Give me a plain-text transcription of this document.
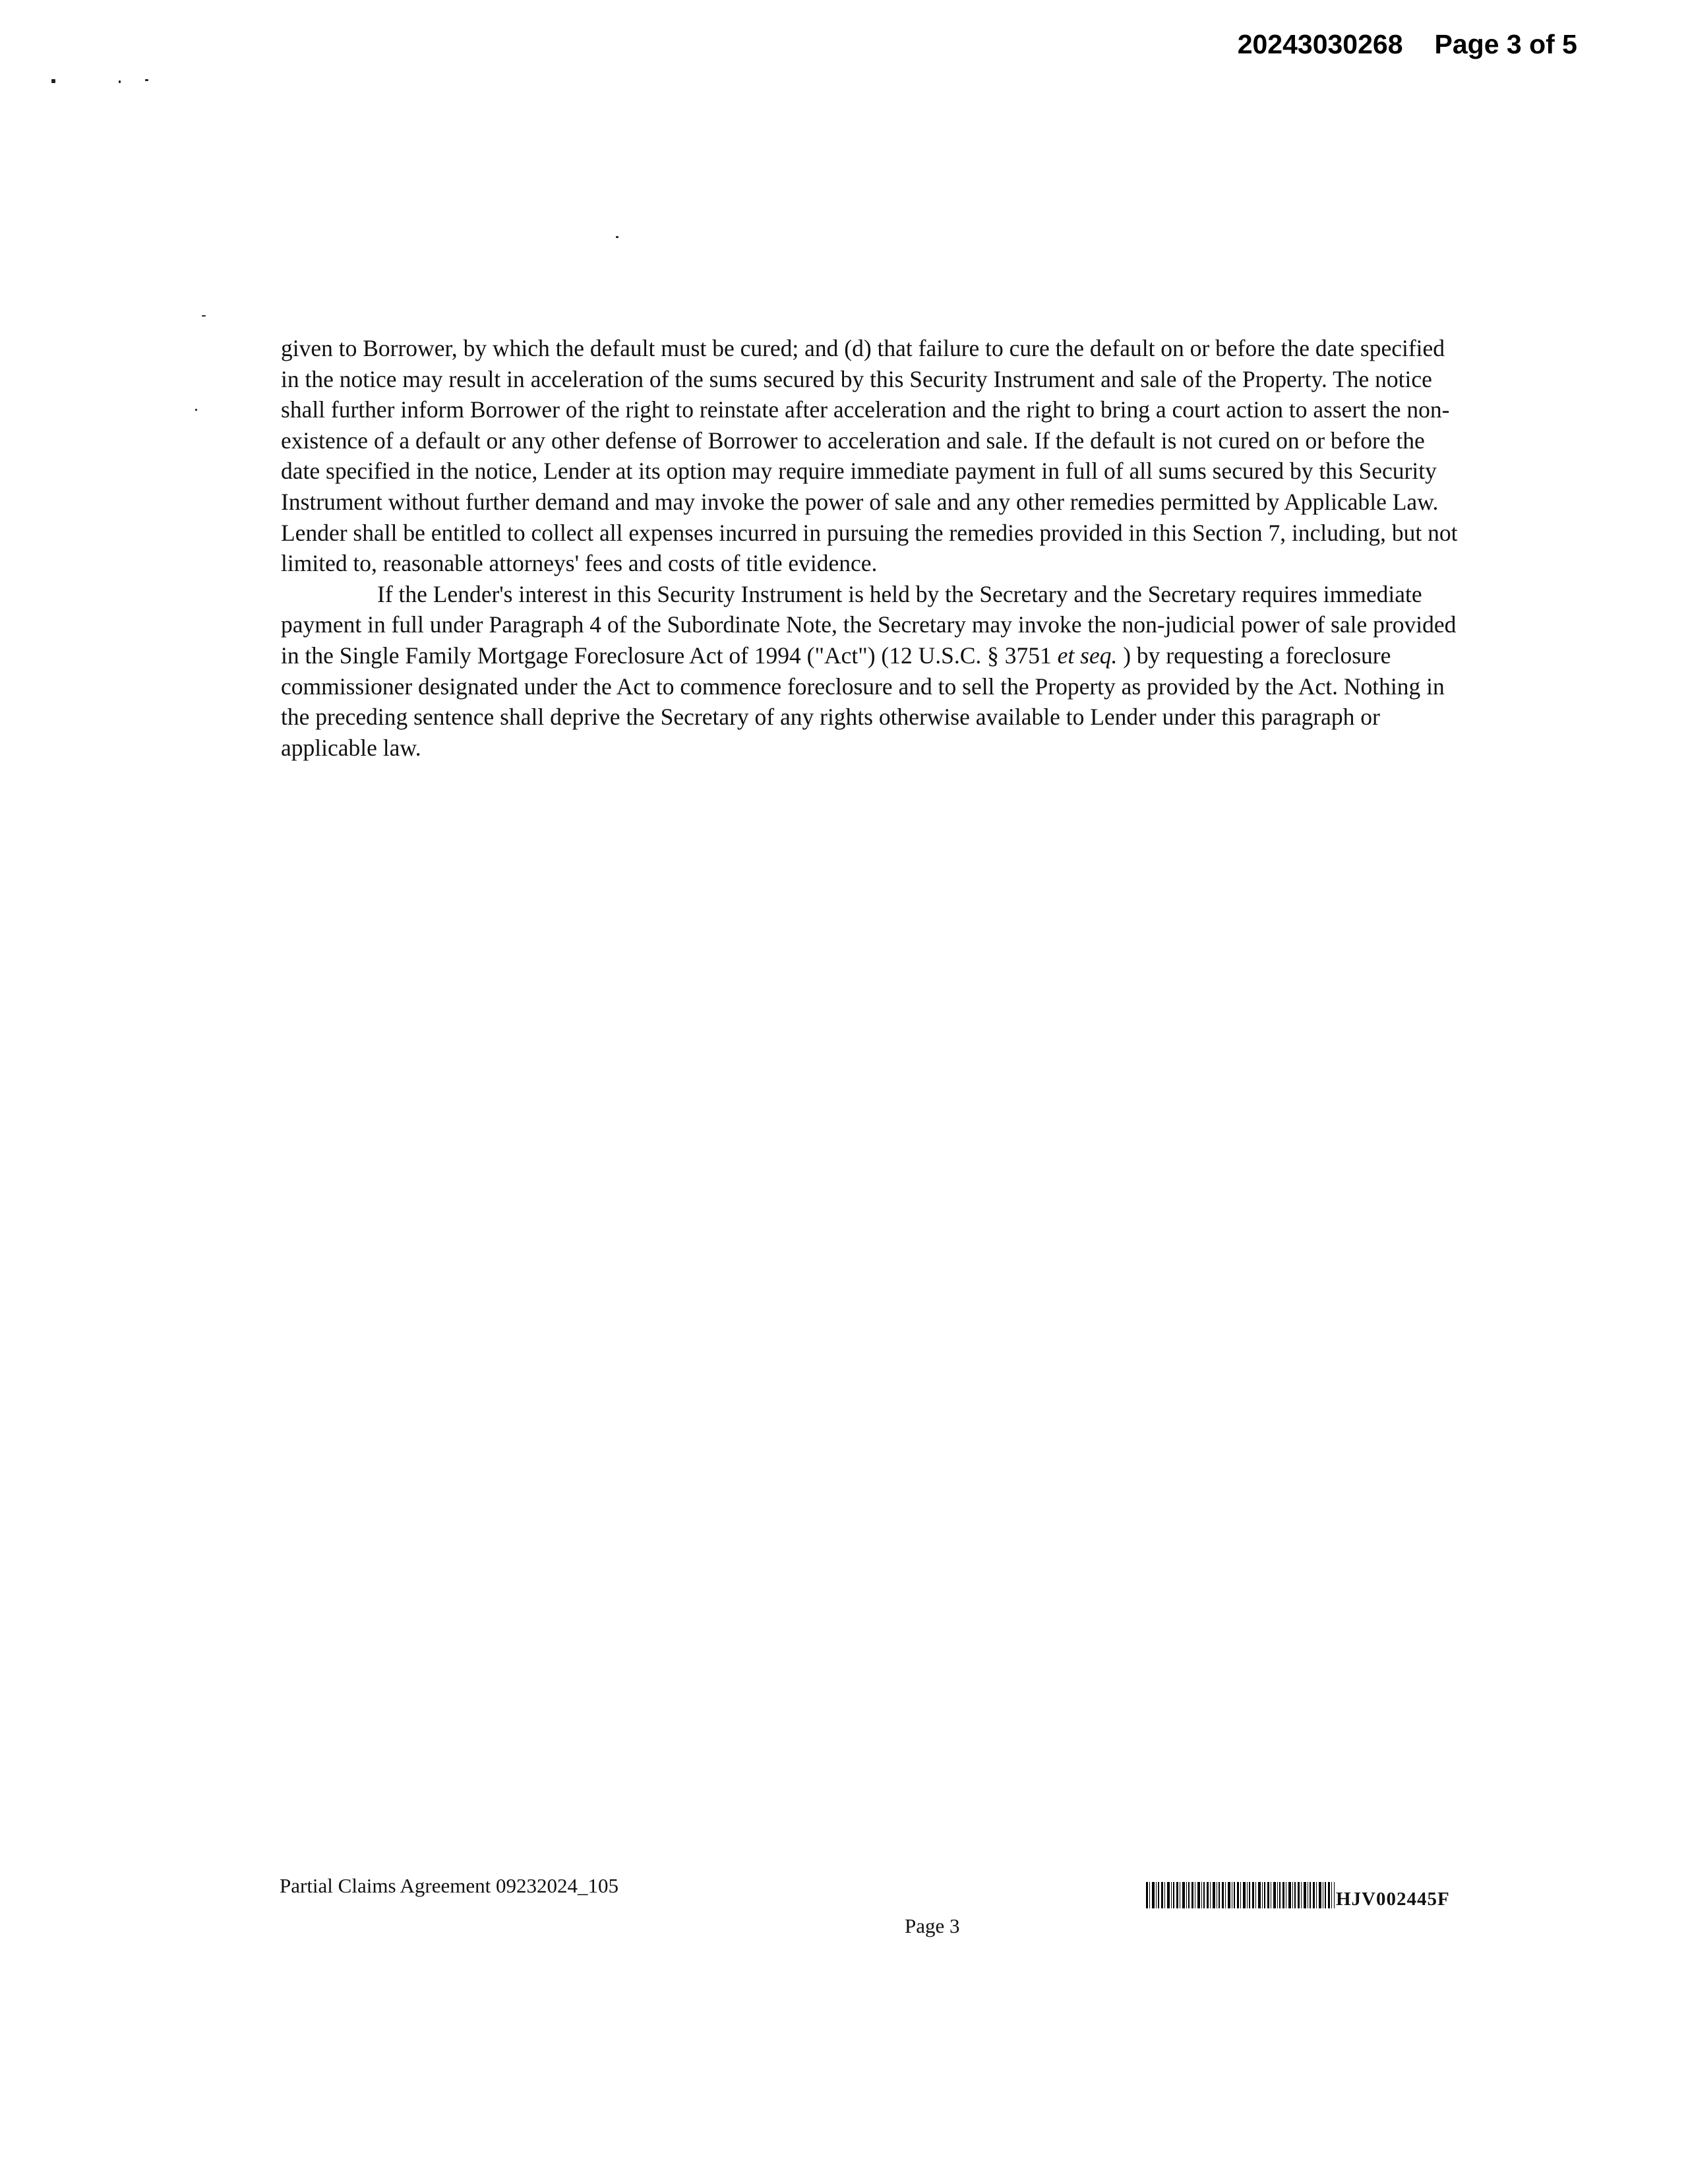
20243030268 Page 3 of 5

given to Borrower, by which the default must be cured; and (d) that failure to cure the default on or before the date specified in the notice may result in acceleration of the sums secured by this Security Instrument and sale of the Property. The notice shall further inform Borrower of the right to reinstate after acceleration and the right to bring a court action to assert the non-existence of a default or any other defense of Borrower to acceleration and sale. If the default is not cured on or before the date specified in the notice, Lender at its option may require immediate payment in full of all sums secured by this Security Instrument without further demand and may invoke the power of sale and any other remedies permitted by Applicable Law. Lender shall be entitled to collect all expenses incurred in pursuing the remedies provided in this Section 7, including, but not limited to, reasonable attorneys' fees and costs of title evidence.

If the Lender's interest in this Security Instrument is held by the Secretary and the Secretary requires immediate payment in full under Paragraph 4 of the Subordinate Note, the Secretary may invoke the non-judicial power of sale provided in the Single Family Mortgage Foreclosure Act of 1994 ("Act") (12 U.S.C. § 3751 et seq. ) by requesting a foreclosure commissioner designated under the Act to commence foreclosure and to sell the Property as provided by the Act. Nothing in the preceding sentence shall deprive the Secretary of any rights otherwise available to Lender under this paragraph or applicable law.

Partial Claims Agreement 09232024_105
HJV002445F
Page 3
